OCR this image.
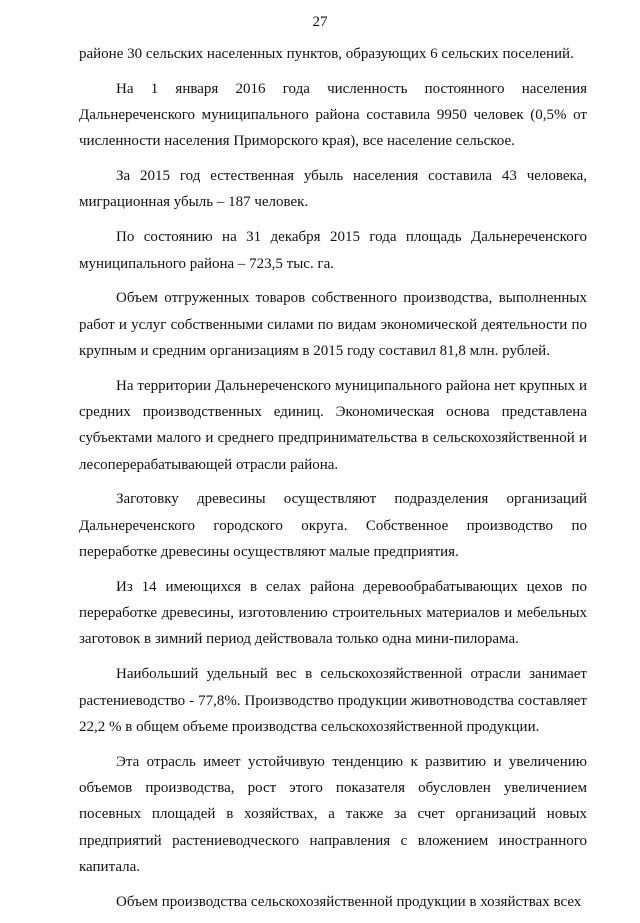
27

районе 30 сельских населенных пунктов, образующих 6 сельских поселений.

На 1 января 2016 года численность постоянного населения Дальнереченского муниципального района составила 9950 человек (0,5% от численности населения Приморского края), все население сельское.

За 2015 год естественная убыль населения составила 43 человека, миграционная убыль – 187 человек.

По состоянию на 31 декабря 2015 года площадь Дальнереченского муниципального района – 723,5 тыс. га.

Объем отгруженных товаров собственного производства, выполненных работ и услуг собственными силами по видам экономической деятельности по крупным и средним организациям в 2015 году составил 81,8 млн. рублей.

На территории Дальнереченского муниципального района нет крупных и средних производственных единиц. Экономическая основа представлена субъектами малого и среднего предпринимательства в сельскохозяйственной и лесоперерабатывающей отрасли района.

Заготовку древесины осуществляют подразделения организаций Дальнереченского городского округа. Собственное производство по переработке древесины осуществляют малые предприятия.

Из 14 имеющихся в селах района деревообрабатывающих цехов по переработке древесины, изготовлению строительных материалов и мебельных заготовок в зимний период действовала только одна мини-пилорама.

Наибольший удельный вес в сельскохозяйственной отрасли занимает растениеводство - 77,8%. Производство продукции животноводства составляет 22,2 % в общем объеме производства сельскохозяйственной продукции.

Эта отрасль имеет устойчивую тенденцию к развитию и увеличению объемов производства, рост этого показателя обусловлен увеличением посевных площадей в хозяйствах, а также за счет организаций новых предприятий растениеводческого направления с вложением иностранного капитала.

Объем производства сельскохозяйственной продукции в хозяйствах всех
